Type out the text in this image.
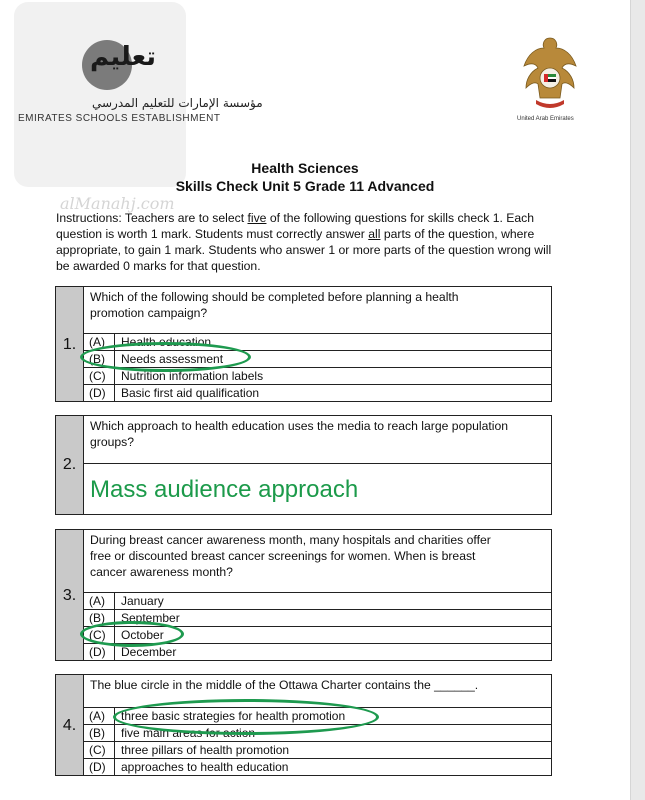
تعليم
مؤسسة الإمارات للتعليم المدرسي
EMIRATES SCHOOLS ESTABLISHMENT
alManahj.com
United Arab Emirates
Health Sciences
Skills Check Unit 5 Grade 11 Advanced
Instructions: Teachers are to select five of the following questions for skills check 1. Each question is worth 1 mark. Students must correctly answer all parts of the question, where appropriate, to gain 1 mark. Students who answer 1 or more parts of the question wrong will be awarded 0 marks for that question.
1.
Which of the following should be completed before planning a health
promotion campaign?
(A) Health education
(B) Needs assessment
(C) Nutrition information labels
(D) Basic first aid qualification
2.
Which approach to health education uses the media to reach large population
groups?
Mass audience approach
3.
During breast cancer awareness month, many hospitals and charities offer
free or discounted breast cancer screenings for women. When is breast
cancer awareness month?
(A) January
(B) September
(C) October
(D) December
4.
The blue circle in the middle of the Ottawa Charter contains the ______.
(A) three basic strategies for health promotion
(B) five main areas for action
(C) three pillars of health promotion
(D) approaches to health education
